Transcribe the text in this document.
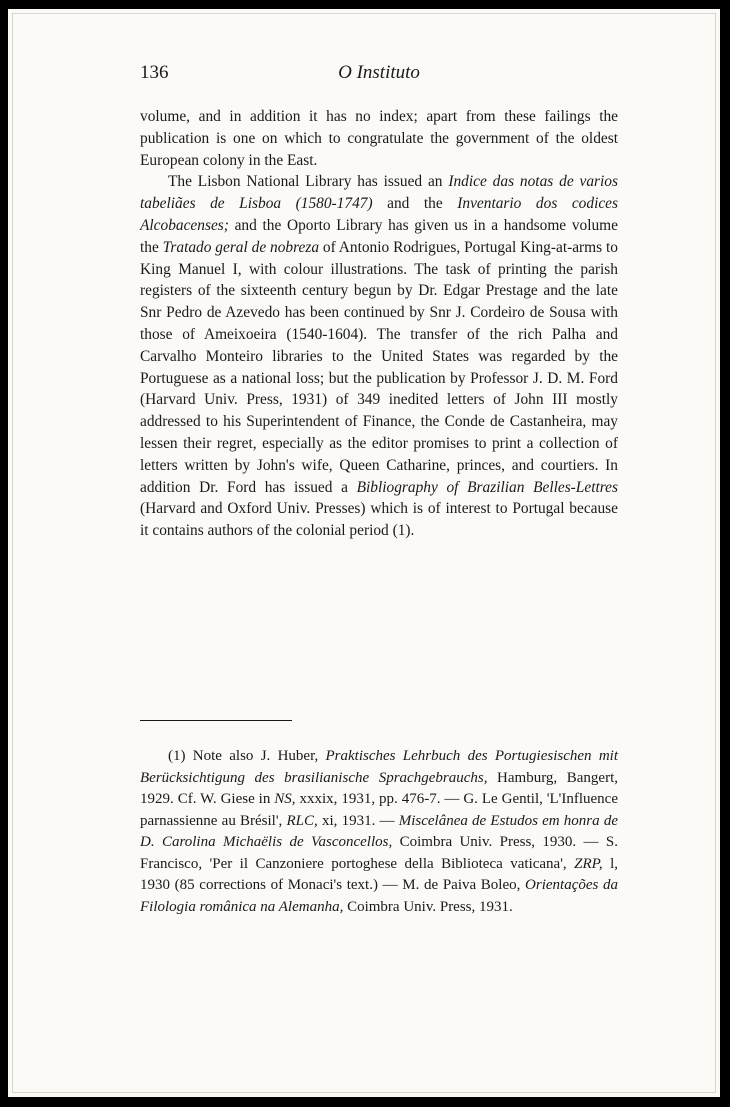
136	O Instituto

volume, and in addition it has no index; apart from these failings the publication is one on which to congratulate the government of the oldest European colony in the East.

The Lisbon National Library has issued an Indice das notas de varios tabeliães de Lisboa (1580-1747) and the Inventario dos codices Alcobacenses; and the Oporto Library has given us in a handsome volume the Tratado geral de nobreza of Antonio Rodrigues, Portugal King-at-arms to King Manuel I, with colour illustrations. The task of printing the parish registers of the sixteenth century begun by Dr. Edgar Prestage and the late Snr Pedro de Azevedo has been continued by Snr J. Cordeiro de Sousa with those of Ameixoeira (1540-1604). The transfer of the rich Palha and Carvalho Monteiro libraries to the United States was regarded by the Portuguese as a national loss; but the publication by Professor J. D. M. Ford (Harvard Univ. Press, 1931) of 349 inedited letters of John III mostly addressed to his Superintendent of Finance, the Conde de Castanheira, may lessen their regret, especially as the editor promises to print a collection of letters written by John's wife, Queen Catharine, princes, and courtiers. In addition Dr. Ford has issued a Bibliography of Brazilian Belles-Lettres (Harvard and Oxford Univ. Presses) which is of interest to Portugal because it contains authors of the colonial period (1).

(1) Note also J. Huber, Praktisches Lehrbuch des Portugiesischen mit Berücksichtigung des brasilianische Sprachgebrauchs, Hamburg, Bangert, 1929. Cf. W. Giese in NS, xxxix, 1931, pp. 476-7. — G. Le Gentil, 'L'Influence parnassienne au Brésil', RLC, xi, 1931. — Miscelânea de Estudos em honra de D. Carolina Michaëlis de Vasconcellos, Coimbra Univ. Press, 1930. — S. Francisco, 'Per il Canzoniere portoghese della Biblioteca vaticana', ZRP, l, 1930 (85 corrections of Monaci's text.) — M. de Paiva Boleo, Orientações da Filologia românica na Alemanha, Coimbra Univ. Press, 1931.
